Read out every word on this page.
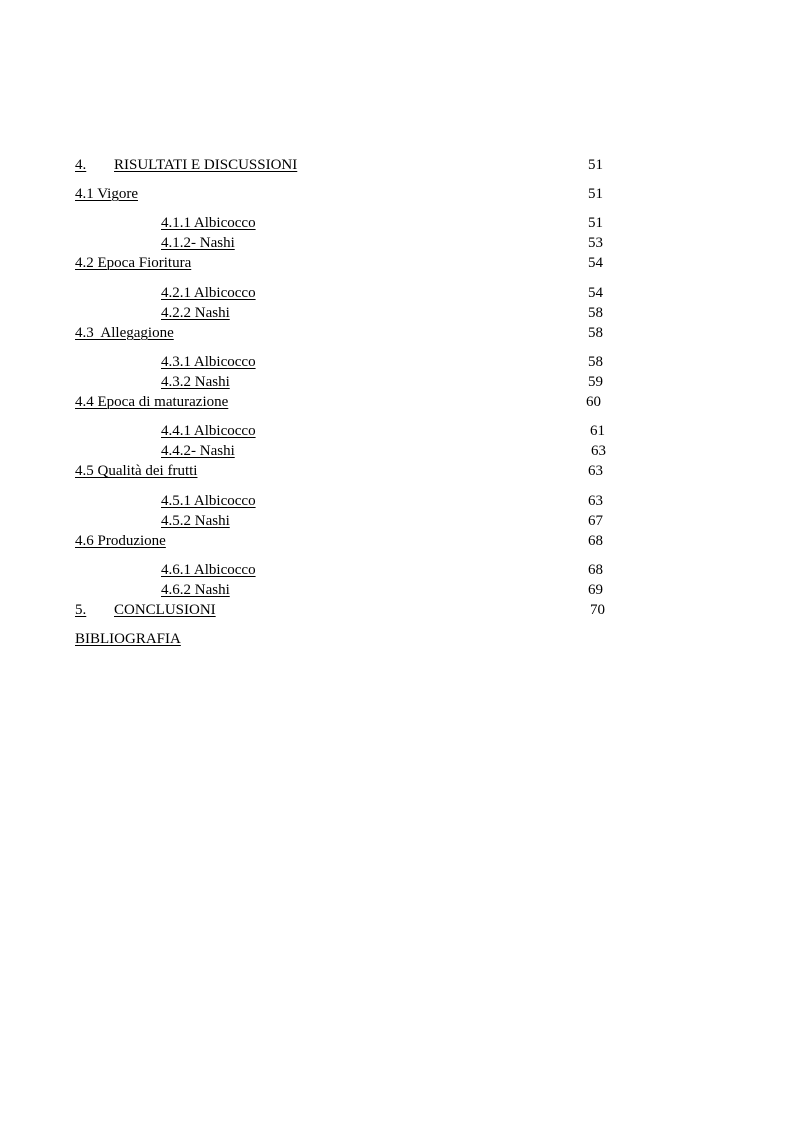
4. RISULTATI E DISCUSSIONI	51
4.1 Vigore	51
4.1.1 Albicocco	51
4.1.2- Nashi	53
4.2 Epoca Fioritura	54
4.2.1 Albicocco	54
4.2.2 Nashi	58
4.3  Allegagione	58
4.3.1 Albicocco	58
4.3.2 Nashi	59
4.4 Epoca di maturazione	60
4.4.1 Albicocco	61
4.4.2- Nashi	63
4.5 Qualità dei frutti	63
4.5.1 Albicocco	63
4.5.2 Nashi	67
4.6 Produzione	68
4.6.1 Albicocco	68
4.6.2 Nashi	69
5. CONCLUSIONI	70
BIBLIOGRAFIA
